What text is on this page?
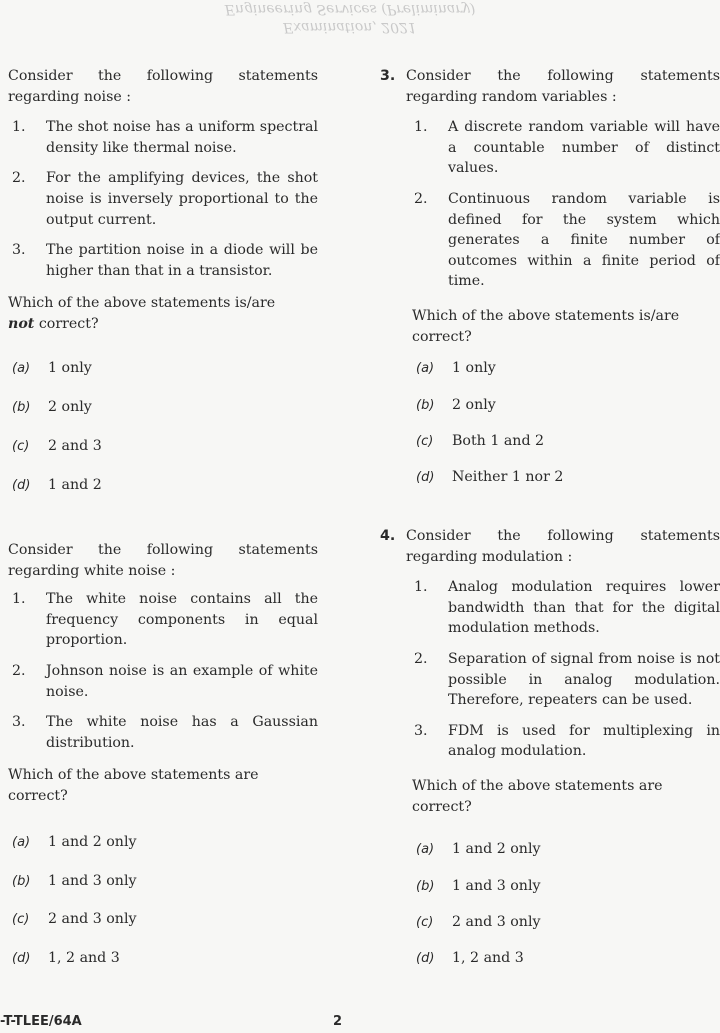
Engineering Services (Preliminary)
Examination, 2021

Consider the following statements regarding noise :

1. The shot noise has a uniform spectral density like thermal noise.
2. For the amplifying devices, the shot noise is inversely proportional to the output current.
3. The partition noise in a diode will be higher than that in a transistor.

Which of the above statements is/are
not correct?

(a) 1 only
(b) 2 only
(c) 2 and 3
(d) 1 and 2

Consider the following statements regarding white noise :

1. The white noise contains all the frequency components in equal proportion.
2. Johnson noise is an example of white noise.
3. The white noise has a Gaussian distribution.

Which of the above statements are correct?

(a) 1 and 2 only
(b) 1 and 3 only
(c) 2 and 3 only
(d) 1, 2 and 3
3. Consider the following statements regarding random variables :

1. A discrete random variable will have a countable number of distinct values.
2. Continuous random variable is defined for the system which generates a finite number of outcomes within a finite period of time.

Which of the above statements is/are correct?

(a) 1 only
(b) 2 only
(c) Both 1 and 2
(d) Neither 1 nor 2
4. Consider the following statements regarding modulation :

1. Analog modulation requires lower bandwidth than that for the digital modulation methods.
2. Separation of signal from noise is not possible in analog modulation. Therefore, repeaters can be used.
3. FDM is used for multiplexing in analog modulation.

Which of the above statements are correct?

(a) 1 and 2 only
(b) 1 and 3 only
(c) 2 and 3 only
(d) 1, 2 and 3
-T-TLEE/64A	2
